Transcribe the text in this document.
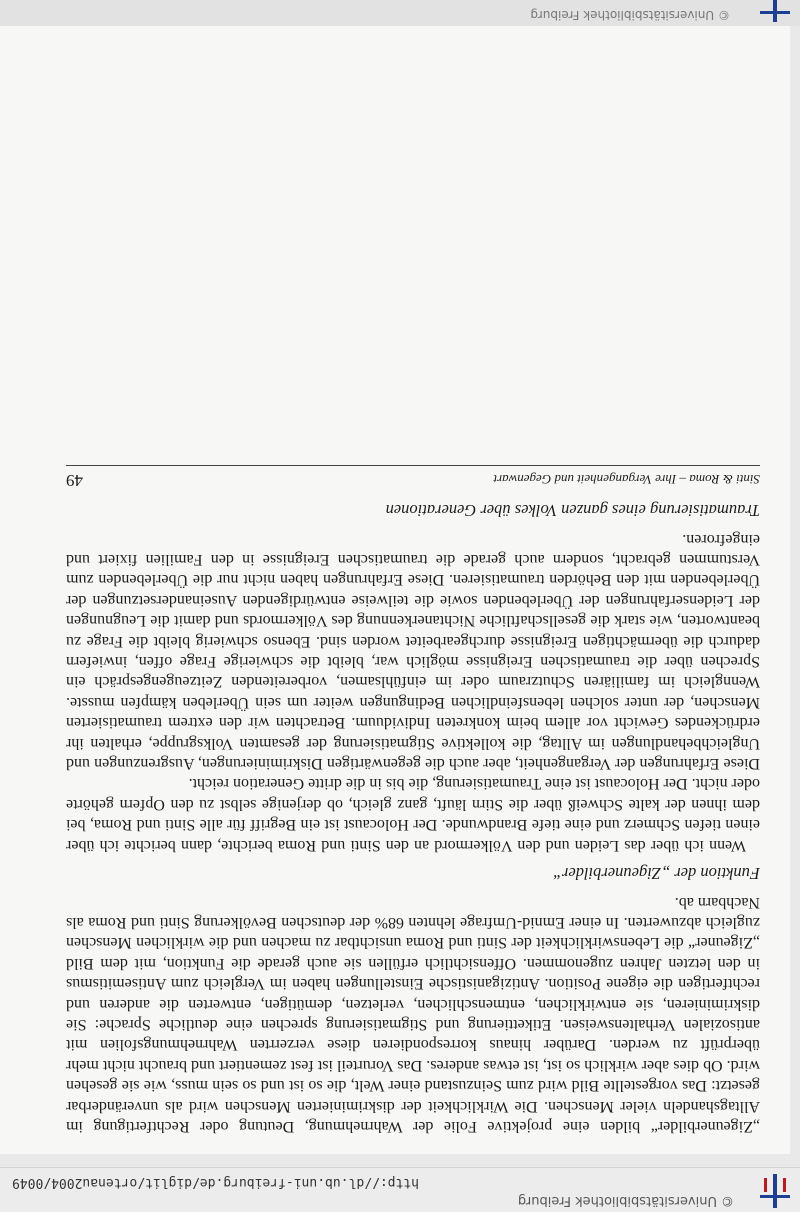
©Universitätsbibliothek Freiburg
http://dl.ub.uni-freiburg.de/diglit/ortenau2004/0049

„Zigeunerbilder“ bilden eine projektive Folie der Wahrnehmung, Deutung oder Rechtfertigung im Alltagshandeln vieler Menschen. Die Wirklichkeit der diskriminierten Menschen wird als unveränderbar gesetzt: Das vorgestellte Bild wird zum Seinzustand einer Welt, die so ist und so sein muss, wie sie gesehen wird. Ob dies aber wirklich so ist, ist etwas anderes. Das Vorurteil ist fest zementiert und braucht nicht mehr überprüft zu werden. Darüber hinaus korrespondieren diese verzerrten Wahrnehmungsfolien mit antisozialen Verhaltensweisen. Etikettierung und Stigmatisierung sprechen eine deutliche Sprache: Sie diskriminieren, sie entwirklichen, entmenschlichen, verletzen, demütigen, entwerten die anderen und rechtfertigen die eigene Position. Antiziganistische Einstellungen haben im Vergleich zum Antisemitismus in den letzten Jahren zugenommen. Offensichtlich erfüllen sie auch gerade die Funktion, mit dem Bild „Zigeuner“ die Lebenswirklichkeit der Sinti und Roma unsichtbar zu machen und die wirklichen Menschen zugleich abzuwerten. In einer Emnid-Umfrage lehnten 68% der deutschen Bevölkerung Sinti und Roma als Nachbarn ab.

Funktion der „Zigeunerbilder“

Wenn ich über das Leiden und den Völkermord an den Sinti und Roma berichte, dann berichte ich über einen tiefen Schmerz und eine tiefe Brandwunde. Der Holocaust ist ein Begriff für alle Sinti und Roma, bei dem ihnen der kalte Schweiß über die Stirn läuft, ganz gleich, ob derjenige selbst zu den Opfern gehörte oder nicht. Der Holocaust ist eine Traumatisierung, die bis in die dritte Generation reicht.

Diese Erfahrungen der Vergangenheit, aber auch die gegenwärtigen Diskriminierungen, Ausgrenzungen und Ungleichbehandlungen im Alltag, die kollektive Stigmatisierung der gesamten Volksgruppe, erhalten ihr erdrückendes Gewicht vor allem beim konkreten Individuum. Betrachten wir den extrem traumatisierten Menschen, der unter solchen lebensfeindlichen Bedingungen weiter um sein Überleben kämpfen musste. Wenngleich im familiären Schutzraum oder im einfühlsamen, vorbereitenden Zeitzeugengespräch ein Sprechen über die traumatischen Ereignisse möglich war, bleibt die schwierige Frage offen, inwiefern dadurch die übermächtigen Ereignisse durchgearbeitet worden sind. Ebenso schwierig bleibt die Frage zu beantworten, wie stark die gesellschaftliche Nichtanerkennung des Völkermords und damit die Leugnungen der Leidenserfahrungen der Überlebenden sowie die teilweise entwürdigenden Auseinandersetzungen der Überlebenden mit den Behörden traumatisieren. Diese Erfahrungen haben nicht nur die Überlebenden zum Verstummen gebracht, sondern auch gerade die traumatischen Ereignisse in den Familien fixiert und eingefroren.

Traumatisierung eines ganzen Volkes über Generationen

Sinti & Roma – Ihre Vergangenheit und Gegenwart
49
© Universitätsbibliothek Freiburg
